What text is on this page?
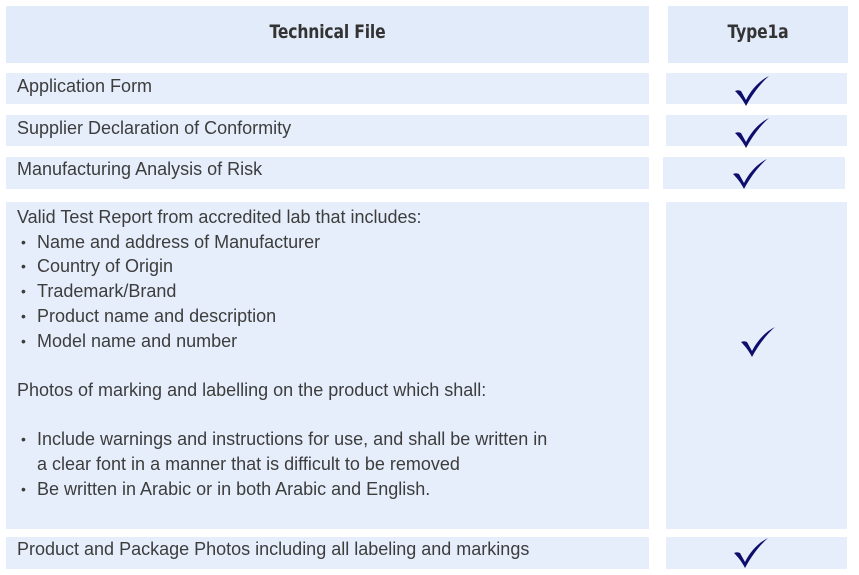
Technical File	Type1a
Application Form
Supplier Declaration of Conformity
Manufacturing Analysis of Risk

Valid Test Report from accredited lab that includes:

• Name and address of Manufacturer
• Country of Origin
• Trademark/Brand
• Product name and description
• Model name and number

Photos of marking and labelling on the product which shall:

• Include warnings and instructions for use, and shall be written in
a clear font in a manner that is difficult to be removed
• Be written in Arabic or in both Arabic and English.
Product and Package Photos including all labeling and markings
